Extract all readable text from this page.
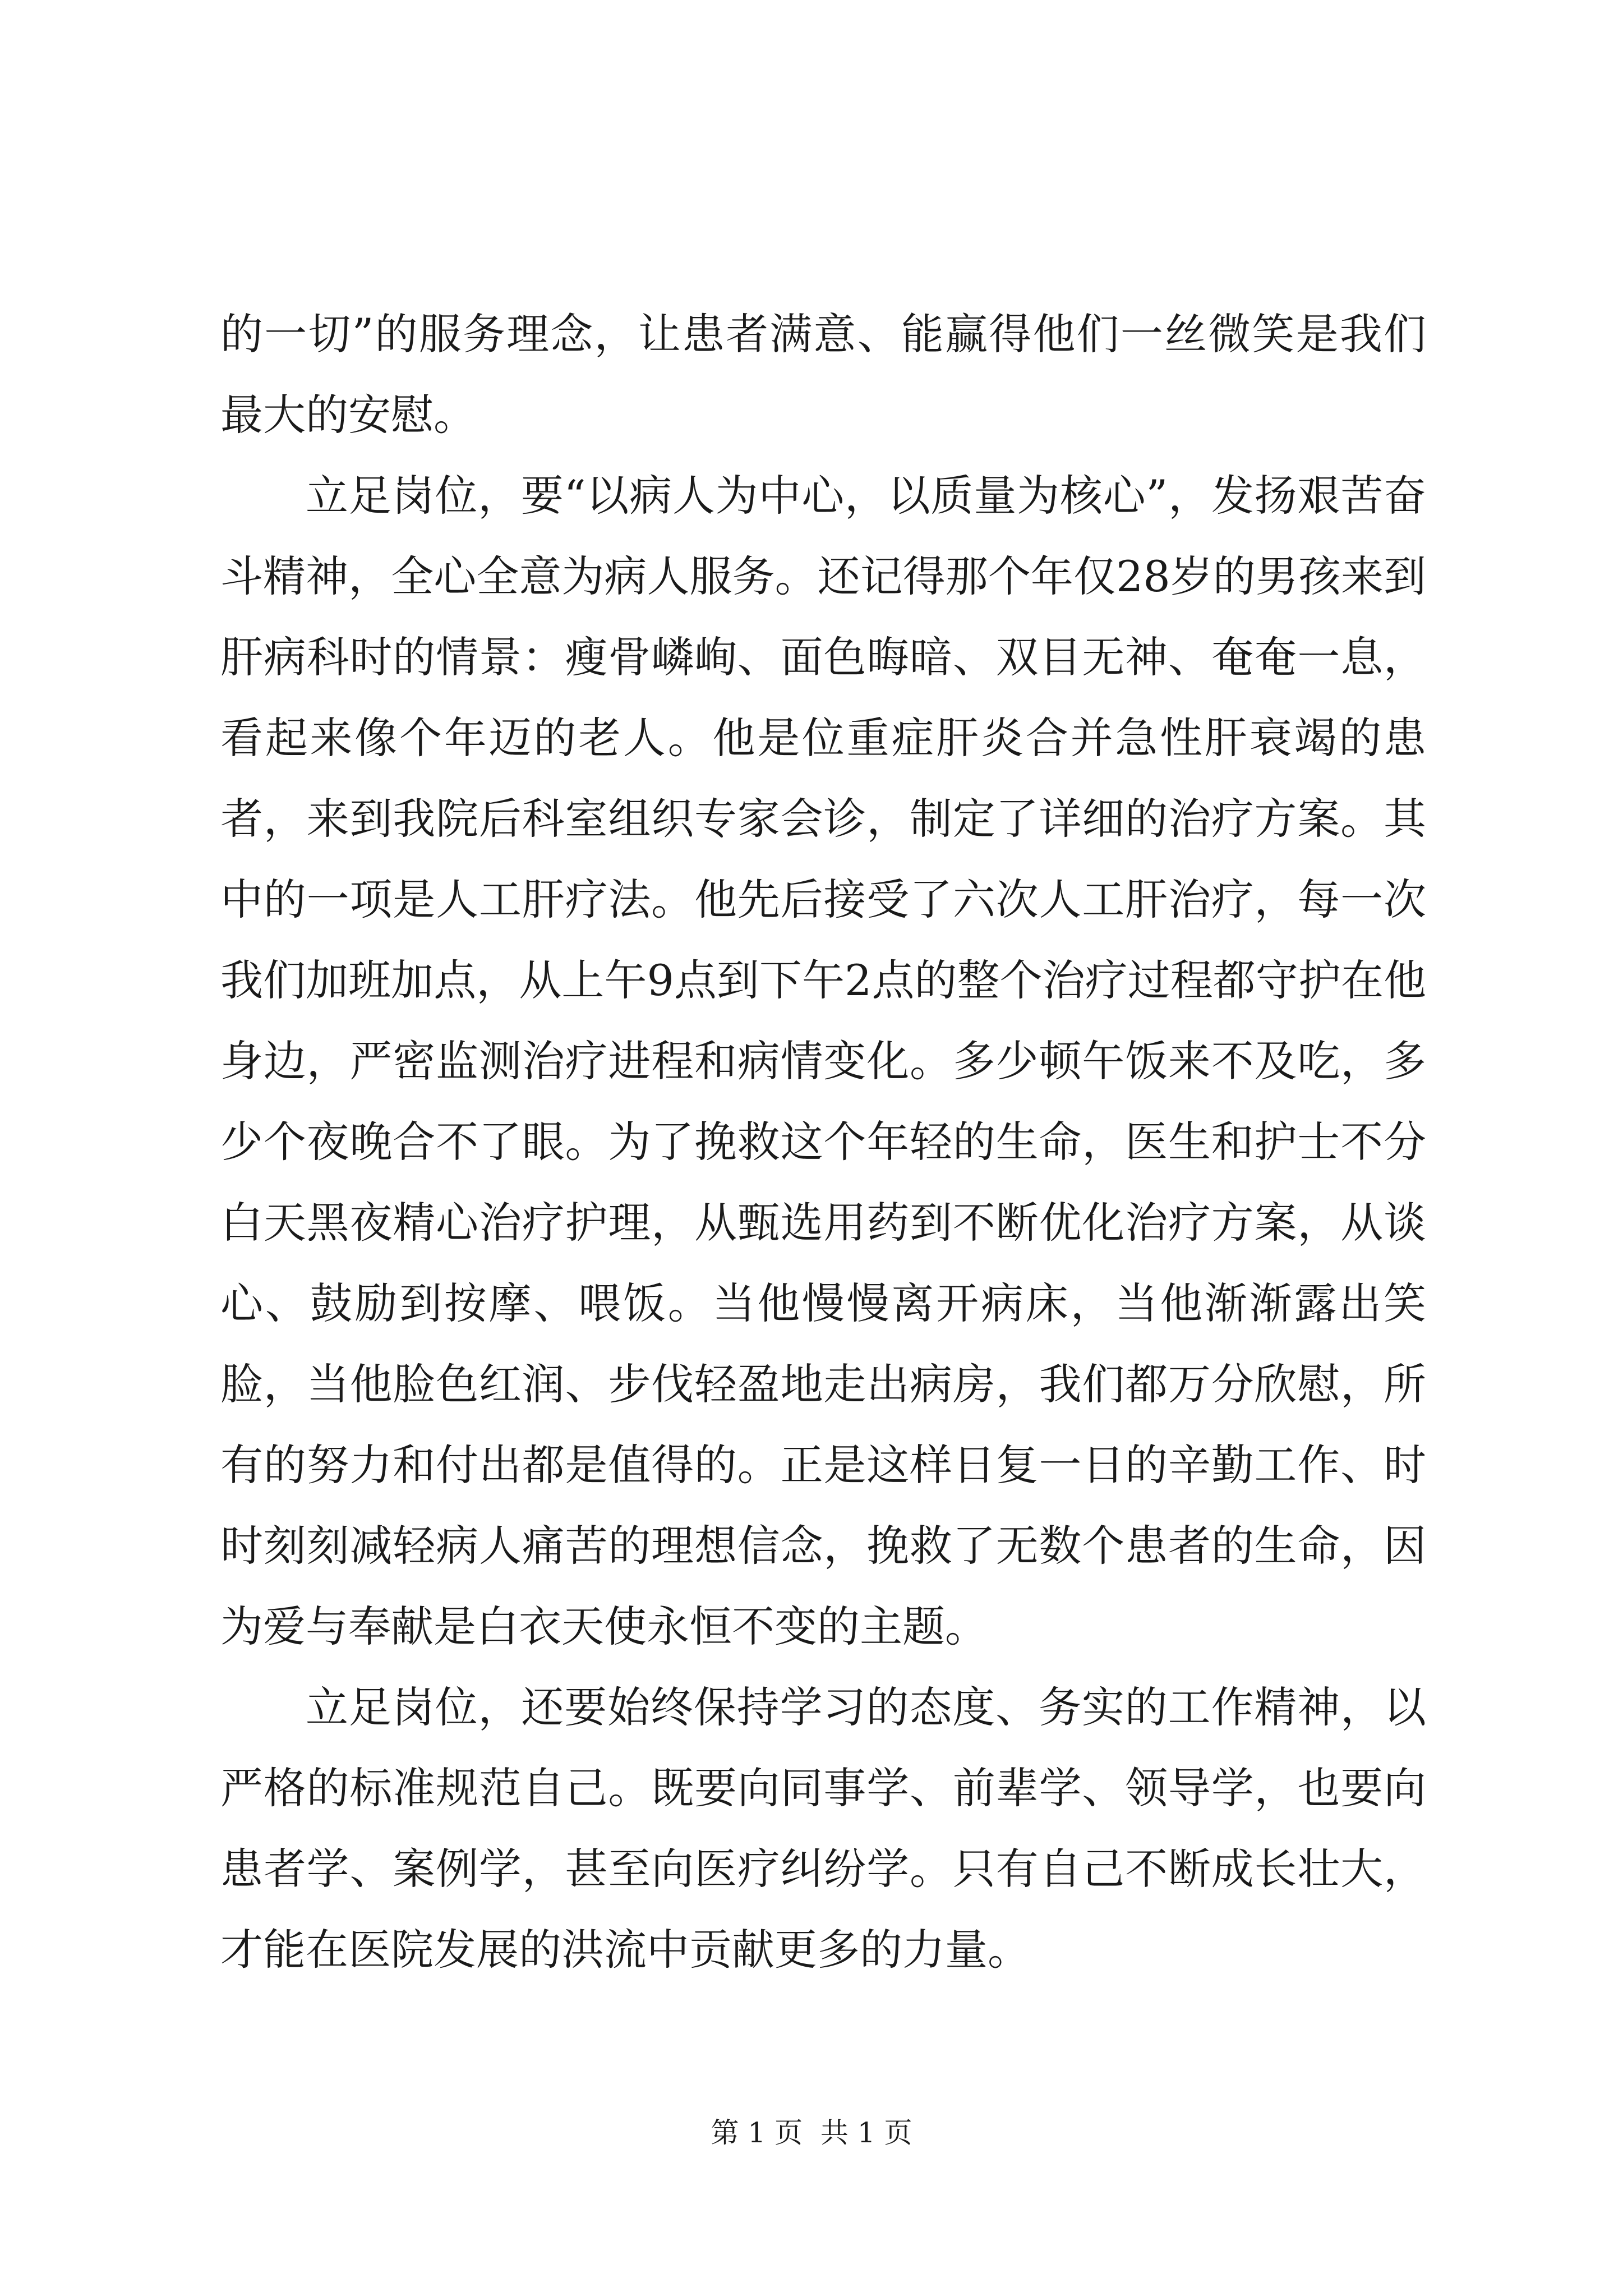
的一切”的服务理念，让患者满意、能赢得他们一丝微笑是我们最大的安慰。

立足岗位，要“以病人为中心，以质量为核心”，发扬艰苦奋斗精神，全心全意为病人服务。还记得那个年仅28岁的男孩来到肝病科时的情景：瘦骨嶙峋、面色晦暗、双目无神、奄奄一息，看起来像个年迈的老人。他是位重症肝炎合并急性肝衰竭的患者，来到我院后科室组织专家会诊，制定了详细的治疗方案。其中的一项是人工肝疗法。他先后接受了六次人工肝治疗，每一次我们加班加点，从上午9点到下午2点的整个治疗过程都守护在他身边，严密监测治疗进程和病情变化。多少顿午饭来不及吃，多少个夜晚合不了眼。为了挽救这个年轻的生命，医生和护士不分白天黑夜精心治疗护理，从甄选用药到不断优化治疗方案，从谈心、鼓励到按摩、喂饭。当他慢慢离开病床，当他渐渐露出笑脸，当他脸色红润、步伐轻盈地走出病房，我们都万分欣慰，所有的努力和付出都是值得的。正是这样日复一日的辛勤工作、时时刻刻减轻病人痛苦的理想信念，挽救了无数个患者的生命，因为爱与奉献是白衣天使永恒不变的主题。

立足岗位，还要始终保持学习的态度、务实的工作精神，以严格的标准规范自己。既要向同事学、前辈学、领导学，也要向患者学、案例学，甚至向医疗纠纷学。只有自己不断成长壮大，才能在医院发展的洪流中贡献更多的力量。

第 1 页  共 1 页
